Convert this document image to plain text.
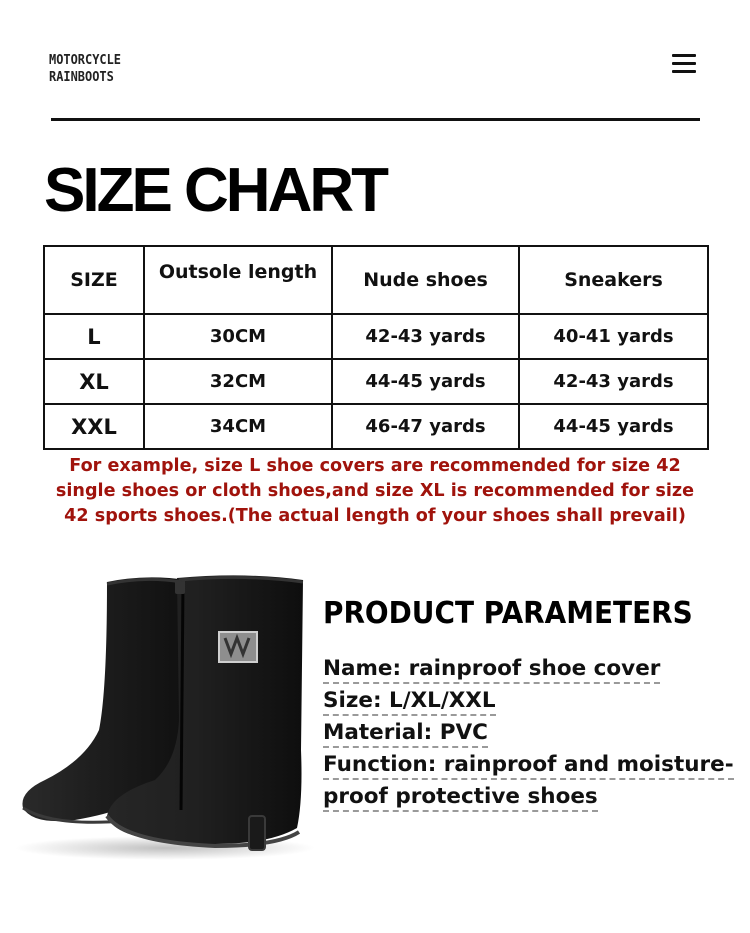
MOTORCYCLE
RAINBOOTS
SIZE CHART
SIZE	Outsole length	Nude shoes	Sneakers
L	30CM	42-43 yards	40-41 yards
XL	32CM	44-45 yards	42-43 yards
XXL	34CM	46-47 yards	44-45 yards
For example, size L shoe covers are recommended for size 42
single shoes or cloth shoes,and size XL is recommended for size
42 sports shoes.(The actual length of your shoes shall prevail)
PRODUCT PARAMETERS
Name: rainproof shoe cover
Size: L/XL/XXL
Material: PVC
Function: rainproof and moisture-
proof protective shoes
